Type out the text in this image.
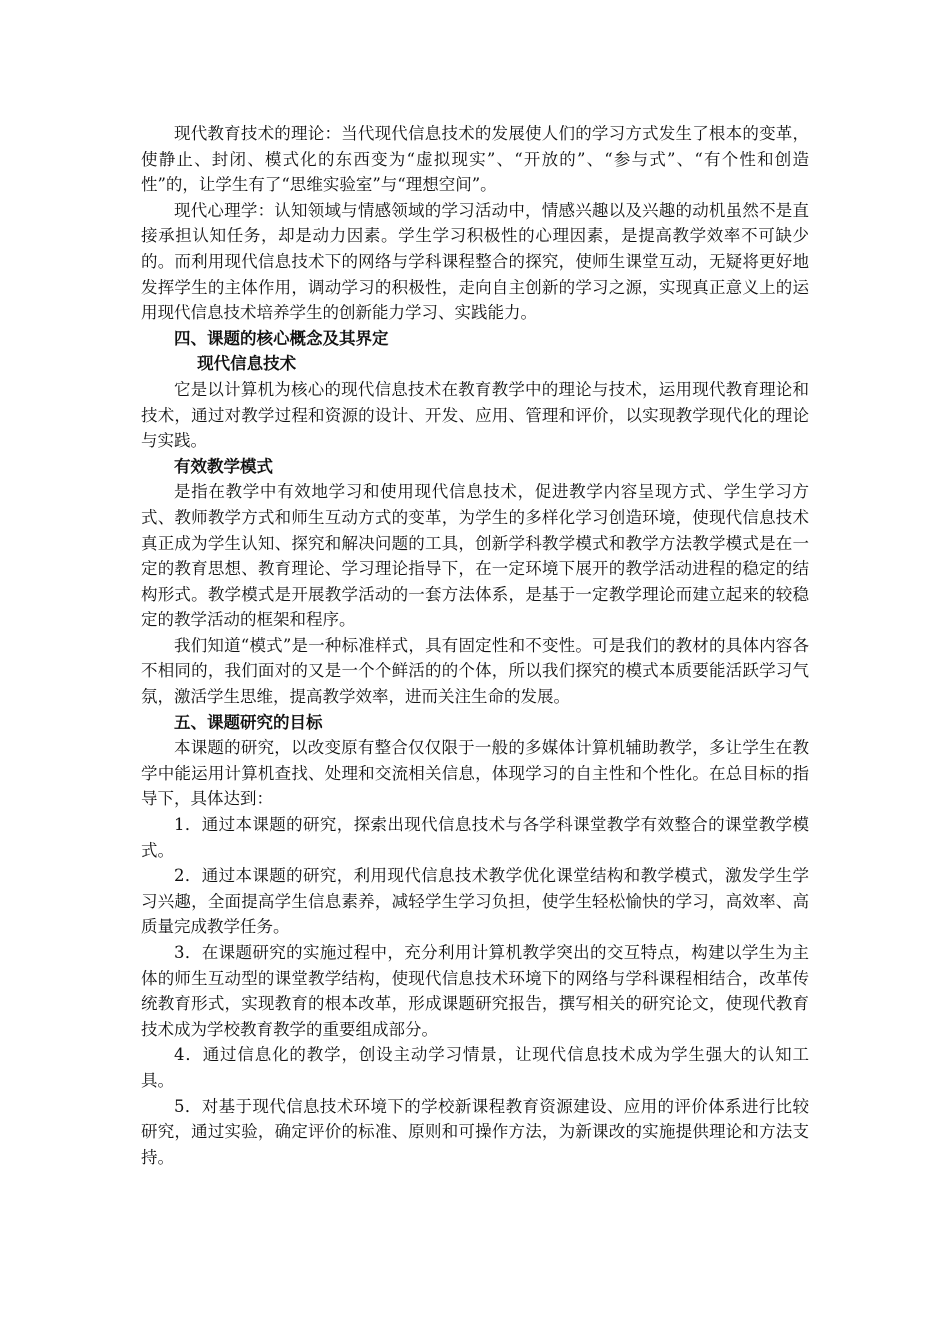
现代教育技术的理论：当代现代信息技术的发展使人们的学习方式发生了根本的变革，使静止、封闭、模式化的东西变为“虚拟现实”、“开放的”、“参与式”、“有个性和创造性”的，让学生有了“思维实验室”与“理想空间”。

现代心理学：认知领域与情感领域的学习活动中，情感兴趣以及兴趣的动机虽然不是直接承担认知任务，却是动力因素。学生学习积极性的心理因素，是提高教学效率不可缺少的。而利用现代信息技术下的网络与学科课程整合的探究，使师生课堂互动，无疑将更好地发挥学生的主体作用，调动学习的积极性，走向自主创新的学习之源，实现真正意义上的运用现代信息技术培养学生的创新能力学习、实践能力。

四、课题的核心概念及其界定

现代信息技术

它是以计算机为核心的现代信息技术在教育教学中的理论与技术，运用现代教育理论和技术，通过对教学过程和资源的设计、开发、应用、管理和评价，以实现教学现代化的理论与实践。

有效教学模式

是指在教学中有效地学习和使用现代信息技术，促进教学内容呈现方式、学生学习方式、教师教学方式和师生互动方式的变革，为学生的多样化学习创造环境，使现代信息技术真正成为学生认知、探究和解决问题的工具，创新学科教学模式和教学方法教学模式是在一定的教育思想、教育理论、学习理论指导下，在一定环境下展开的教学活动进程的稳定的结构形式。教学模式是开展教学活动的一套方法体系，是基于一定教学理论而建立起来的较稳定的教学活动的框架和程序。

我们知道“模式”是一种标准样式，具有固定性和不变性。可是我们的教材的具体内容各不相同的，我们面对的又是一个个鲜活的的个体，所以我们探究的模式本质要能活跃学习气氛，激活学生思维，提高教学效率，进而关注生命的发展。

五、课题研究的目标

本课题的研究，以改变原有整合仅仅限于一般的多媒体计算机辅助教学，多让学生在教学中能运用计算机查找、处理和交流相关信息，体现学习的自主性和个性化。在总目标的指导下，具体达到：

1．通过本课题的研究，探索出现代信息技术与各学科课堂教学有效整合的课堂教学模式。

2．通过本课题的研究，利用现代信息技术教学优化课堂结构和教学模式，激发学生学习兴趣，全面提高学生信息素养，减轻学生学习负担，使学生轻松愉快的学习，高效率、高质量完成教学任务。

3．在课题研究的实施过程中，充分利用计算机教学突出的交互特点，构建以学生为主体的师生互动型的课堂教学结构，使现代信息技术环境下的网络与学科课程相结合，改革传统教育形式，实现教育的根本改革，形成课题研究报告，撰写相关的研究论文，使现代教育技术成为学校教育教学的重要组成部分。

4．通过信息化的教学，创设主动学习情景，让现代信息技术成为学生强大的认知工具。

5．对基于现代信息技术环境下的学校新课程教育资源建设、应用的评价体系进行比较研究，通过实验，确定评价的标准、原则和可操作方法，为新课改的实施提供理论和方法支持。
